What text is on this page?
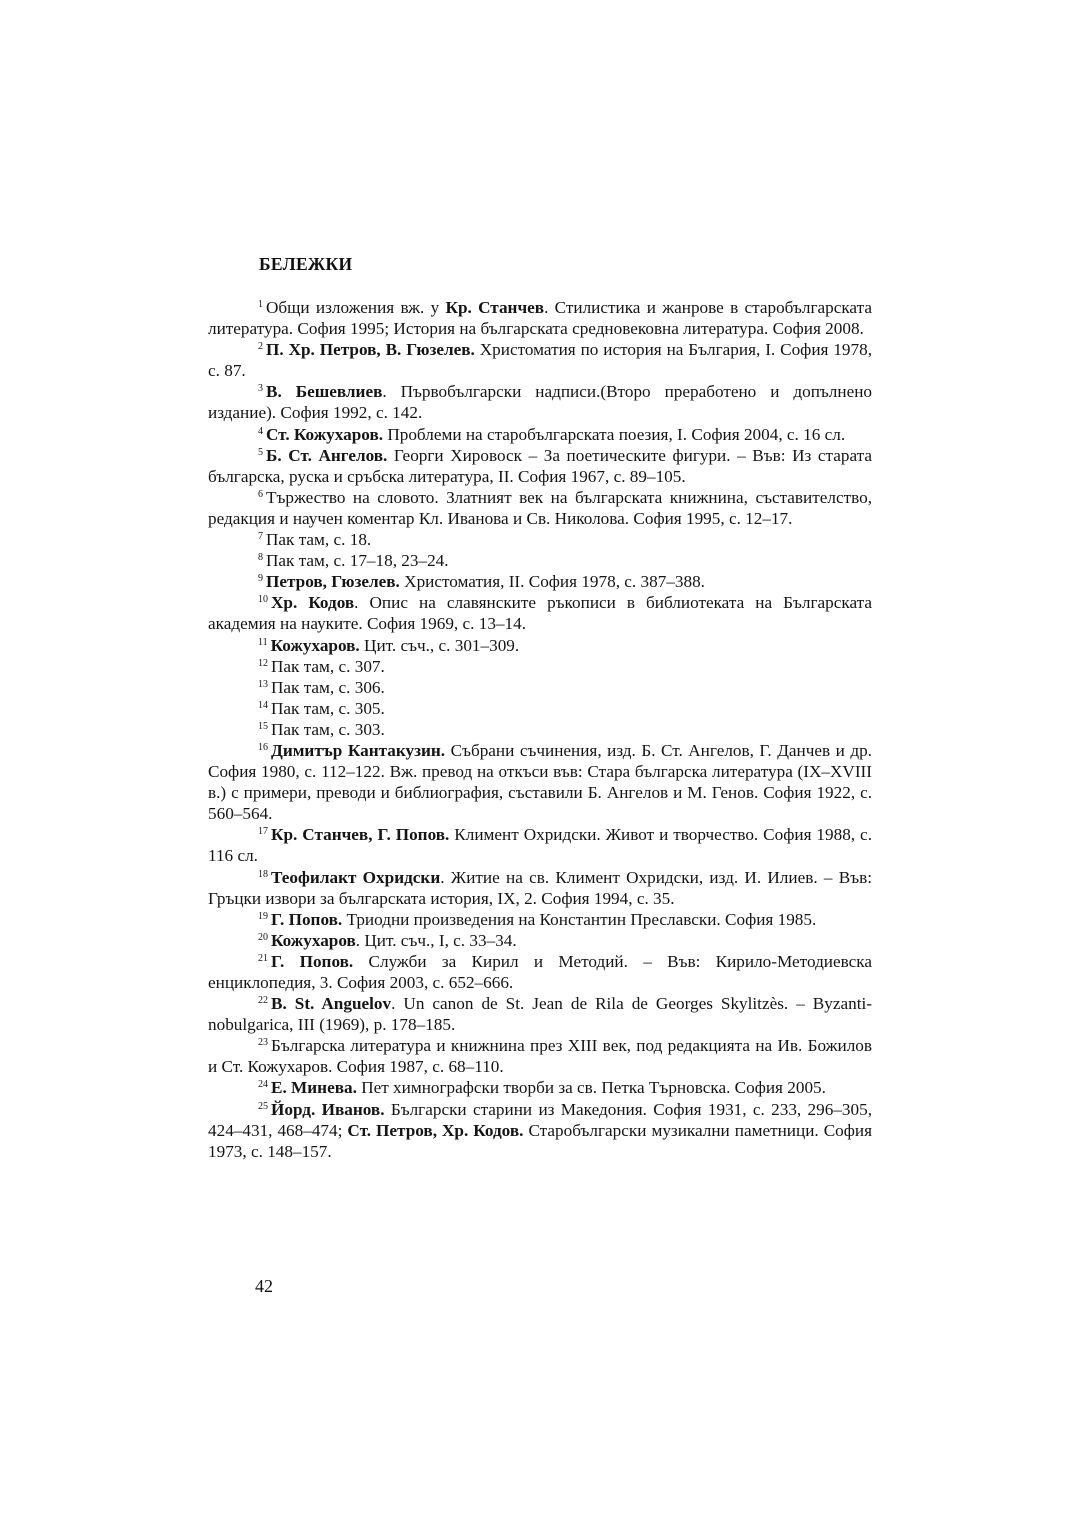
БЕЛЕЖКИ

$^1$ Общи изложения вж. у Кр. Станчев. Стилистика и жанрове в старобългарската литература. София 1995; История на българската средновековна литература. София 2008.

$^2$ П. Хр. Петров, В. Гюзелев. Христоматия по история на България, I. София 1978, с. 87.

$^3$ В. Бешевлиев. Първобългарски надписи.(Второ преработено и допълнено издание). София 1992, с. 142.

$^4$ Ст. Кожухаров. Проблеми на старобългарската поезия, I. София 2004, с. 16 сл.

$^5$ Б. Ст. Ангелов. Георги Хировоск – За поетическите фигури. – Във: Из старата българска, руска и сръбска литература, II. София 1967, с. 89–105.

$^6$ Тържество на словото. Златният век на българската книжнина, съставителство, редакция и научен коментар Кл. Иванова и Св. Николова. София 1995, с. 12–17.

$^7$ Пак там, с. 18.

$^8$ Пак там, с. 17–18, 23–24.

$^9$ Петров, Гюзелев. Христоматия, II. София 1978, с. 387–388.

$^{10}$ Хр. Кодов. Опис на славянските ръкописи в библиотеката на Българската академия на науките. София 1969, с. 13–14.

$^{11}$ Кожухаров. Цит. съч., с. 301–309.

$^{12}$ Пак там, с. 307.

$^{13}$ Пак там, с. 306.

$^{14}$ Пак там, с. 305.

$^{15}$ Пак там, с. 303.

$^{16}$ Димитър Кантакузин. Събрани съчинения, изд. Б. Ст. Ангелов, Г. Данчев и др. София 1980, с. 112–122. Вж. превод на откъси във: Стара българска литература (IX–XVIII в.) с примери, преводи и библиография, съставили Б. Ангелов и М. Генов. София 1922, с. 560–564.

$^{17}$ Кр. Станчев, Г. Попов. Климент Охридски. Живот и творчество. София 1988, с. 116 сл.

$^{18}$ Теофилакт Охридски. Житие на св. Климент Охридски, изд. И. Илиев. – Във: Гръцки извори за българската история, IX, 2. София 1994, с. 35.

$^{19}$ Г. Попов. Триодни произведения на Константин Преславски. София 1985.

$^{20}$ Кожухаров. Цит. съч., I, с. 33–34.

$^{21}$ Г. Попов. Служби за Кирил и Методий. – Във: Кирило-Методиевска енциклопедия, 3. София 2003, с. 652–666.

$^{22}$ B. St. Anguelov. Un canon de St. Jean de Rila de Georges Skylitzès. – Byzantinobulgarica, III (1969), p. 178–185.

$^{23}$ Българска литература и книжнина през XIII век, под редакцията на Ив. Божилов и Ст. Кожухаров. София 1987, с. 68–110.

$^{24}$ Е. Минева. Пет химнографски творби за св. Петка Търновска. София 2005.

$^{25}$ Йорд. Иванов. Български старини из Македония. София 1931, с. 233, 296–305, 424–431, 468–474; Ст. Петров, Хр. Кодов. Старобългарски музикални паметници. София 1973, с. 148–157.

42
